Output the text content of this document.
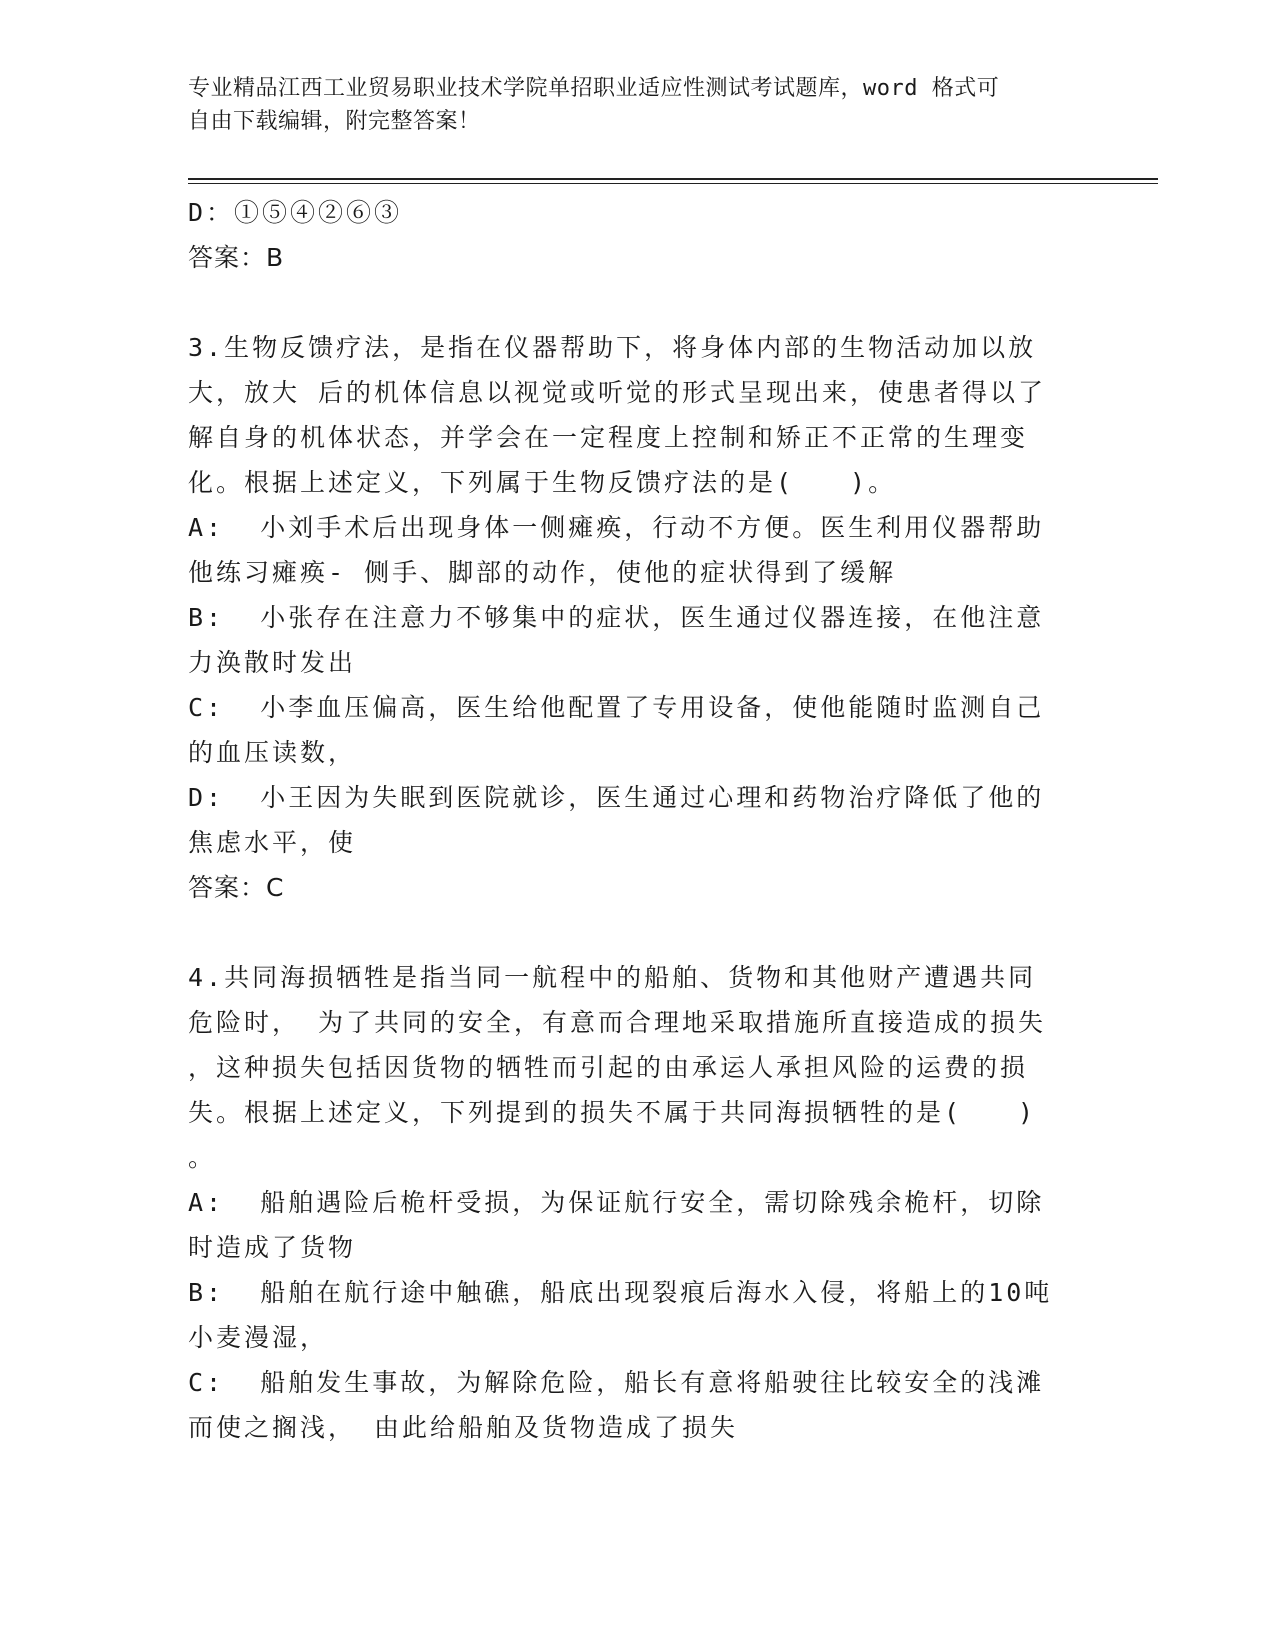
专业精品江西工业贸易职业技术学院单招职业适应性测试考试题库，word 格式可
自由下载编辑，附完整答案！
D：①⑤④②⑥③
答案：B
3.生物反馈疗法，是指在仪器帮助下，将身体内部的生物活动加以放
大，放大 后的机体信息以视觉或听觉的形式呈现出来，使患者得以了
解自身的机体状态，并学会在一定程度上控制和矫正不正常的生理变
化。根据上述定义，下列属于生物反馈疗法的是(　　)。
A:  小刘手术后出现身体一侧瘫痪，行动不方便。医生利用仪器帮助
他练习瘫痪- 侧手、脚部的动作，使他的症状得到了缓解
B:  小张存在注意力不够集中的症状，医生通过仪器连接，在他注意
力涣散时发出
C:  小李血压偏高，医生给他配置了专用设备，使他能随时监测自己
的血压读数，
D:  小王因为失眠到医院就诊，医生通过心理和药物治疗降低了他的
焦虑水平，使
答案：C
4.共同海损牺牲是指当同一航程中的船舶、货物和其他财产遭遇共同
危险时， 为了共同的安全，有意而合理地采取措施所直接造成的损失
，这种损失包括因货物的牺牲而引起的由承运人承担风险的运费的损
失。根据上述定义，下列提到的损失不属于共同海损牺牲的是(　　)
。
A:  船舶遇险后桅杆受损，为保证航行安全，需切除残余桅杆，切除
时造成了货物
B:  船舶在航行途中触礁，船底出现裂痕后海水入侵，将船上的10吨
小麦漫湿，
C:  船舶发生事故，为解除危险，船长有意将船驶往比较安全的浅滩
而使之搁浅， 由此给船舶及货物造成了损失
